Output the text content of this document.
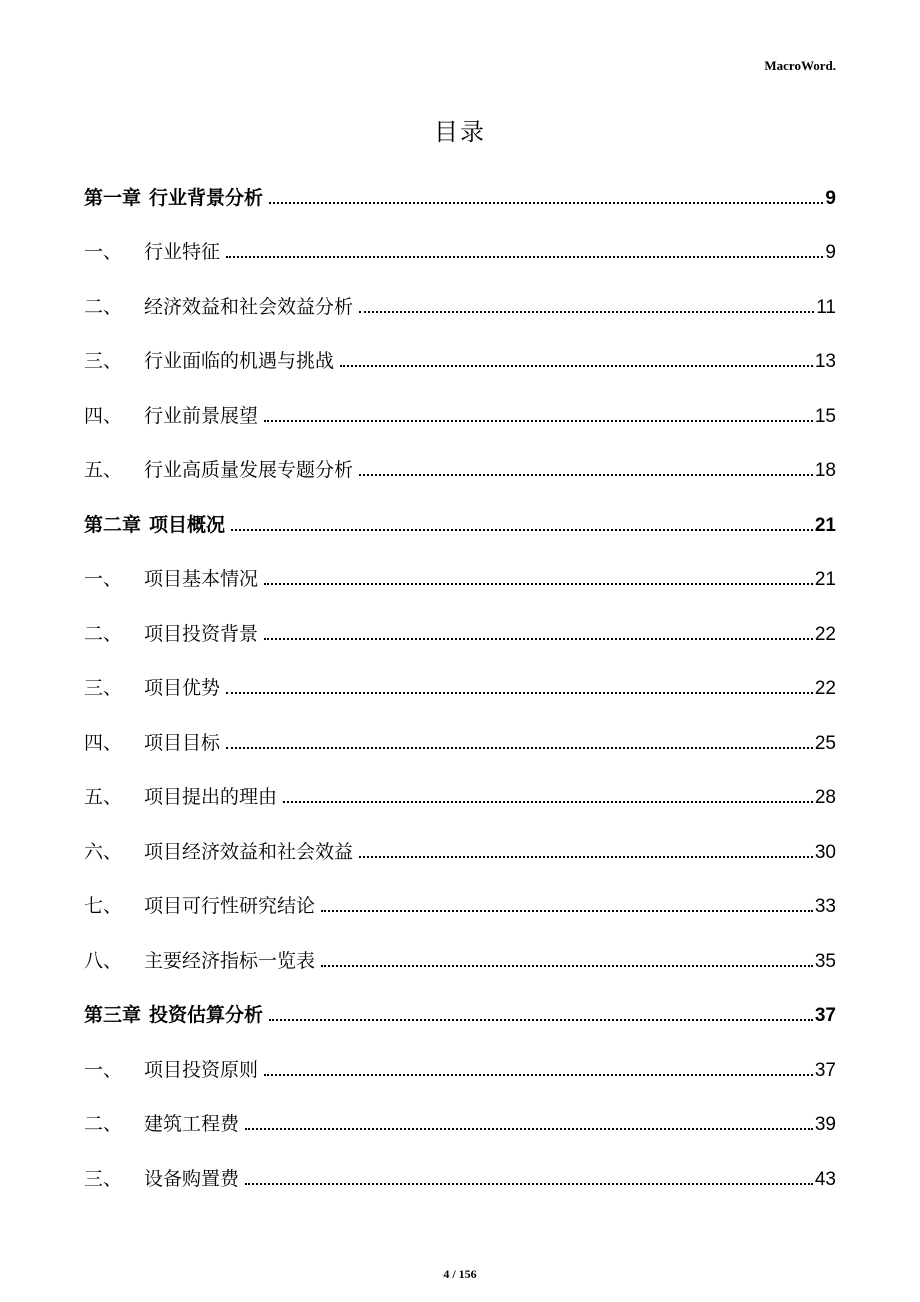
MacroWord.
目录
第一章 行业背景分析	9
一、	行业特征	9
二、	经济效益和社会效益分析	11
三、	行业面临的机遇与挑战	13
四、	行业前景展望	15
五、	行业高质量发展专题分析	18
第二章 项目概况	21
一、	项目基本情况	21
二、	项目投资背景	22
三、	项目优势	22
四、	项目目标	25
五、	项目提出的理由	28
六、	项目经济效益和社会效益	30
七、	项目可行性研究结论	33
八、	主要经济指标一览表	35
第三章 投资估算分析	37
一、	项目投资原则	37
二、	建筑工程费	39
三、	设备购置费	43
4 / 156
